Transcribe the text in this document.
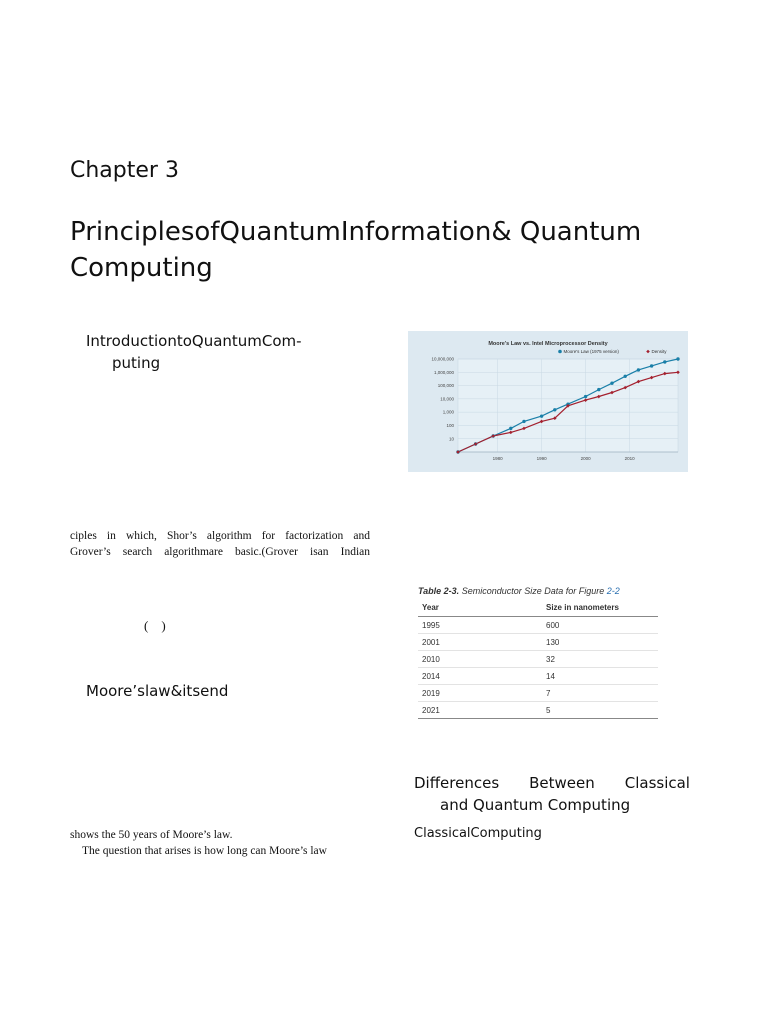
Chapter 3
PrinciplesofQuantumInformation& Quantum Computing
IntroductiontoQuantumCom-
puting
Moore's Law vs. Intel Microprocessor Density
Moore's Law (1975 version)	Density
10,000,000
1,000,000
100,000
10,000
1,000
100
10
1980	1990	2000	2010
ciples in which, Shor’s algorithm for factorization and
Grover’s search algorithmare basic.(Grover isan Indian
(    )
Table 2-3. Semiconductor Size Data for Figure 2-2
Year	Size in nanometers
1995	600
2001	130
2010	32
2014	14
2019	7
2021	5
Moore’slaw&itsend
Differences Between Classical
and Quantum Computing
shows the 50 years of Moore’s law.
The question that arises is how long can Moore’s law
ClassicalComputing
